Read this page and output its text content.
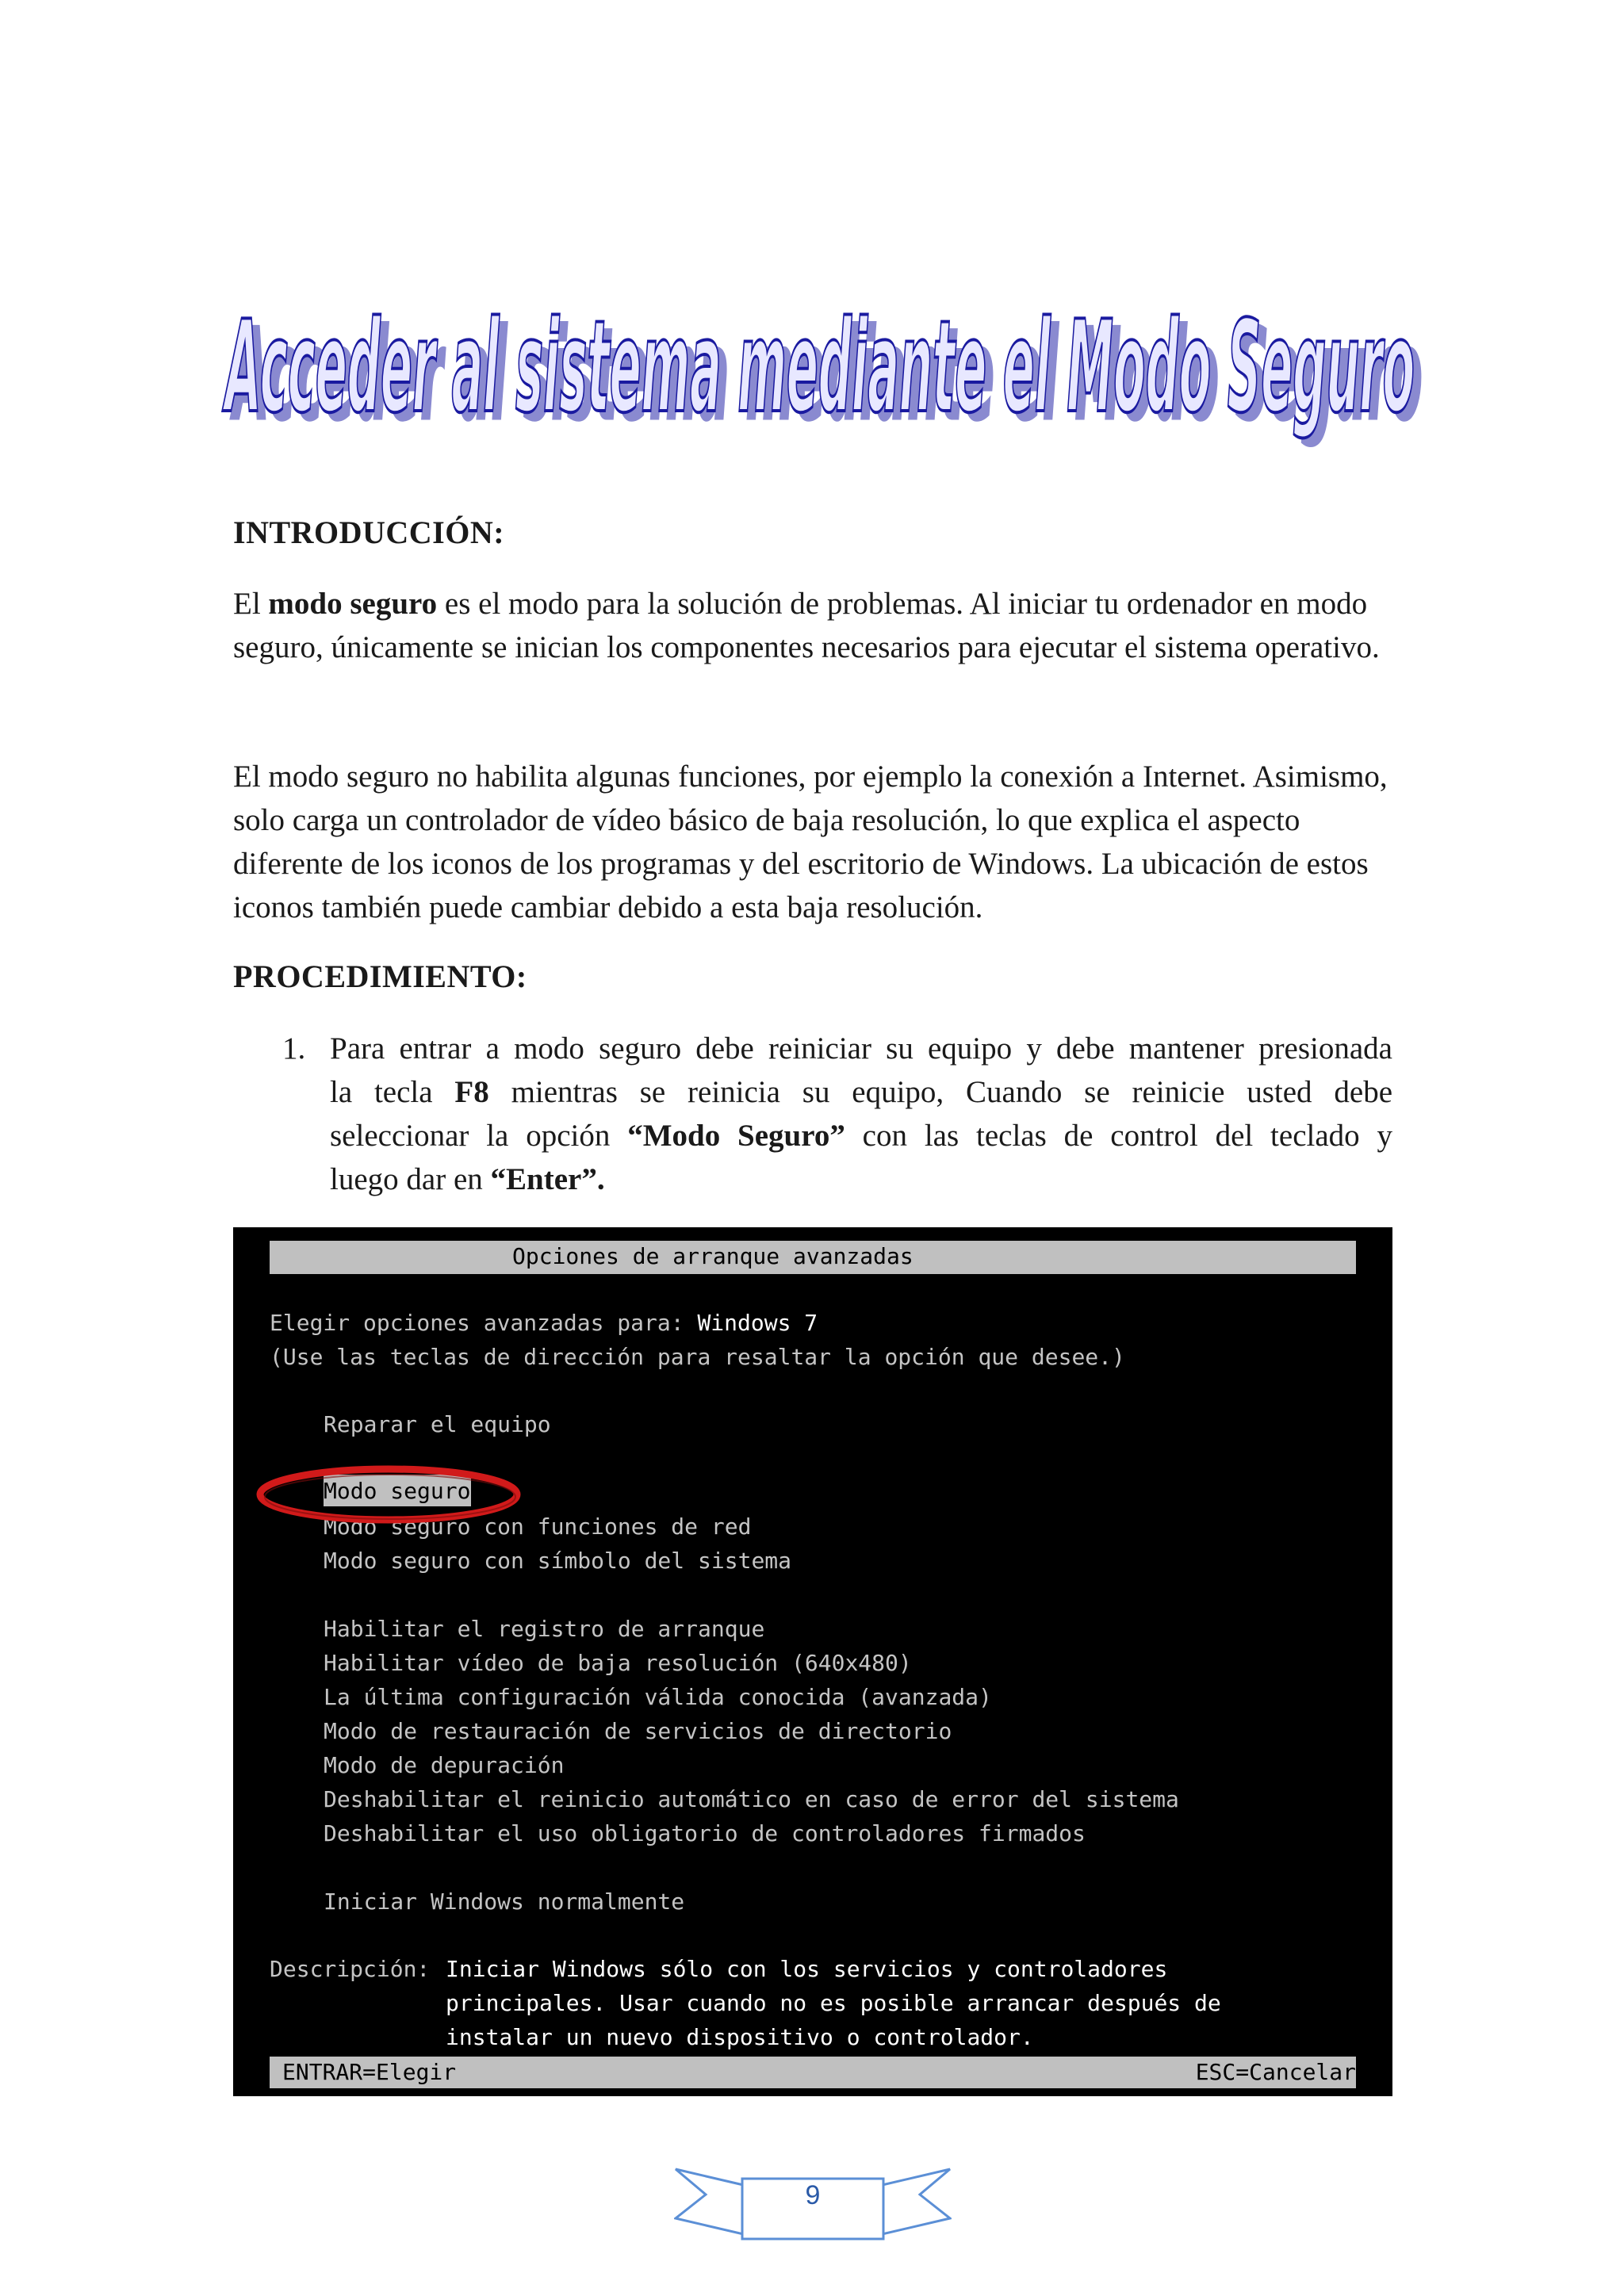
Acceder al sistema mediante el Modo Seguro
Acceder al sistema mediante el Modo Seguro
INTRODUCCIÓN:

El modo seguro es el modo para la solución de problemas. Al iniciar tu ordenador en modo seguro, únicamente se inician los componentes necesarios para ejecutar el sistema operativo.

El modo seguro no habilita algunas funciones, por ejemplo la conexión a Internet. Asimismo, solo carga un controlador de vídeo básico de baja resolución, lo que explica el aspecto diferente de los iconos de los programas y del escritorio de Windows. La ubicación de estos iconos también puede cambiar debido a esta baja resolución.

PROCEDIMIENTO:
1. Para entrar a modo seguro debe reiniciar su equipo y debe mantener presionada

la tecla F8 mientras se reinicia su equipo, Cuando se reinicie usted debe

seleccionar la opción “Modo Seguro” con las teclas de control del teclado y

luego dar en “Enter”.

Opciones de arranque avanzadas
Elegir opciones avanzadas para: Windows 7
(Use las teclas de dirección para resaltar la opción que desee.)
Reparar el equipo
Modo seguro
Modo seguro con funciones de red
Modo seguro con símbolo del sistema
Habilitar el registro de arranque
Habilitar vídeo de baja resolución (640x480)
La última configuración válida conocida (avanzada)
Modo de restauración de servicios de directorio
Modo de depuración
Deshabilitar el reinicio automático en caso de error del sistema
Deshabilitar el uso obligatorio de controladores firmados
Iniciar Windows normalmente
Descripción: Iniciar Windows sólo con los servicios y controladores
principales. Usar cuando no es posible arrancar después de
instalar un nuevo dispositivo o controlador.
ENTRAR=Elegir	ESC=Cancelar
9
